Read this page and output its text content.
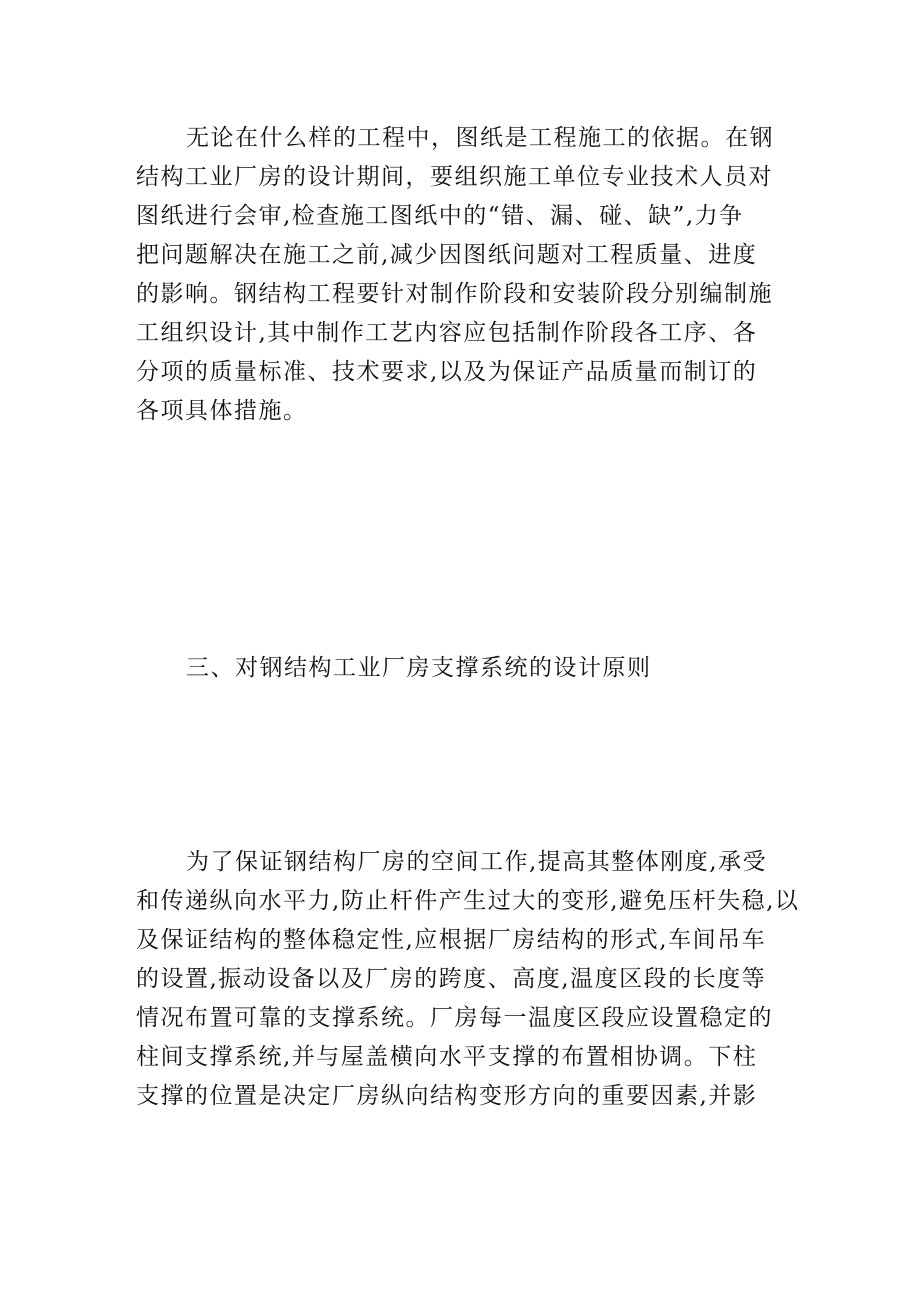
无论在什么样的工程中，图纸是工程施工的依据。在钢
结构工业厂房的设计期间，要组织施工单位专业技术人员对
图纸进行会审,检查施工图纸中的“错、漏、碰、缺”,力争
把问题解决在施工之前,减少因图纸问题对工程质量、进度
的影响。钢结构工程要针对制作阶段和安装阶段分别编制施
工组织设计,其中制作工艺内容应包括制作阶段各工序、各
分项的质量标准、技术要求,以及为保证产品质量而制订的
各项具体措施。
三、对钢结构工业厂房支撑系统的设计原则
为了保证钢结构厂房的空间工作,提高其整体刚度,承受
和传递纵向水平力,防止杆件产生过大的变形,避免压杆失稳,以
及保证结构的整体稳定性,应根据厂房结构的形式,车间吊车
的设置,振动设备以及厂房的跨度、高度,温度区段的长度等
情况布置可靠的支撑系统。厂房每一温度区段应设置稳定的
柱间支撑系统,并与屋盖横向水平支撑的布置相协调。下柱
支撑的位置是决定厂房纵向结构变形方向的重要因素,并影
